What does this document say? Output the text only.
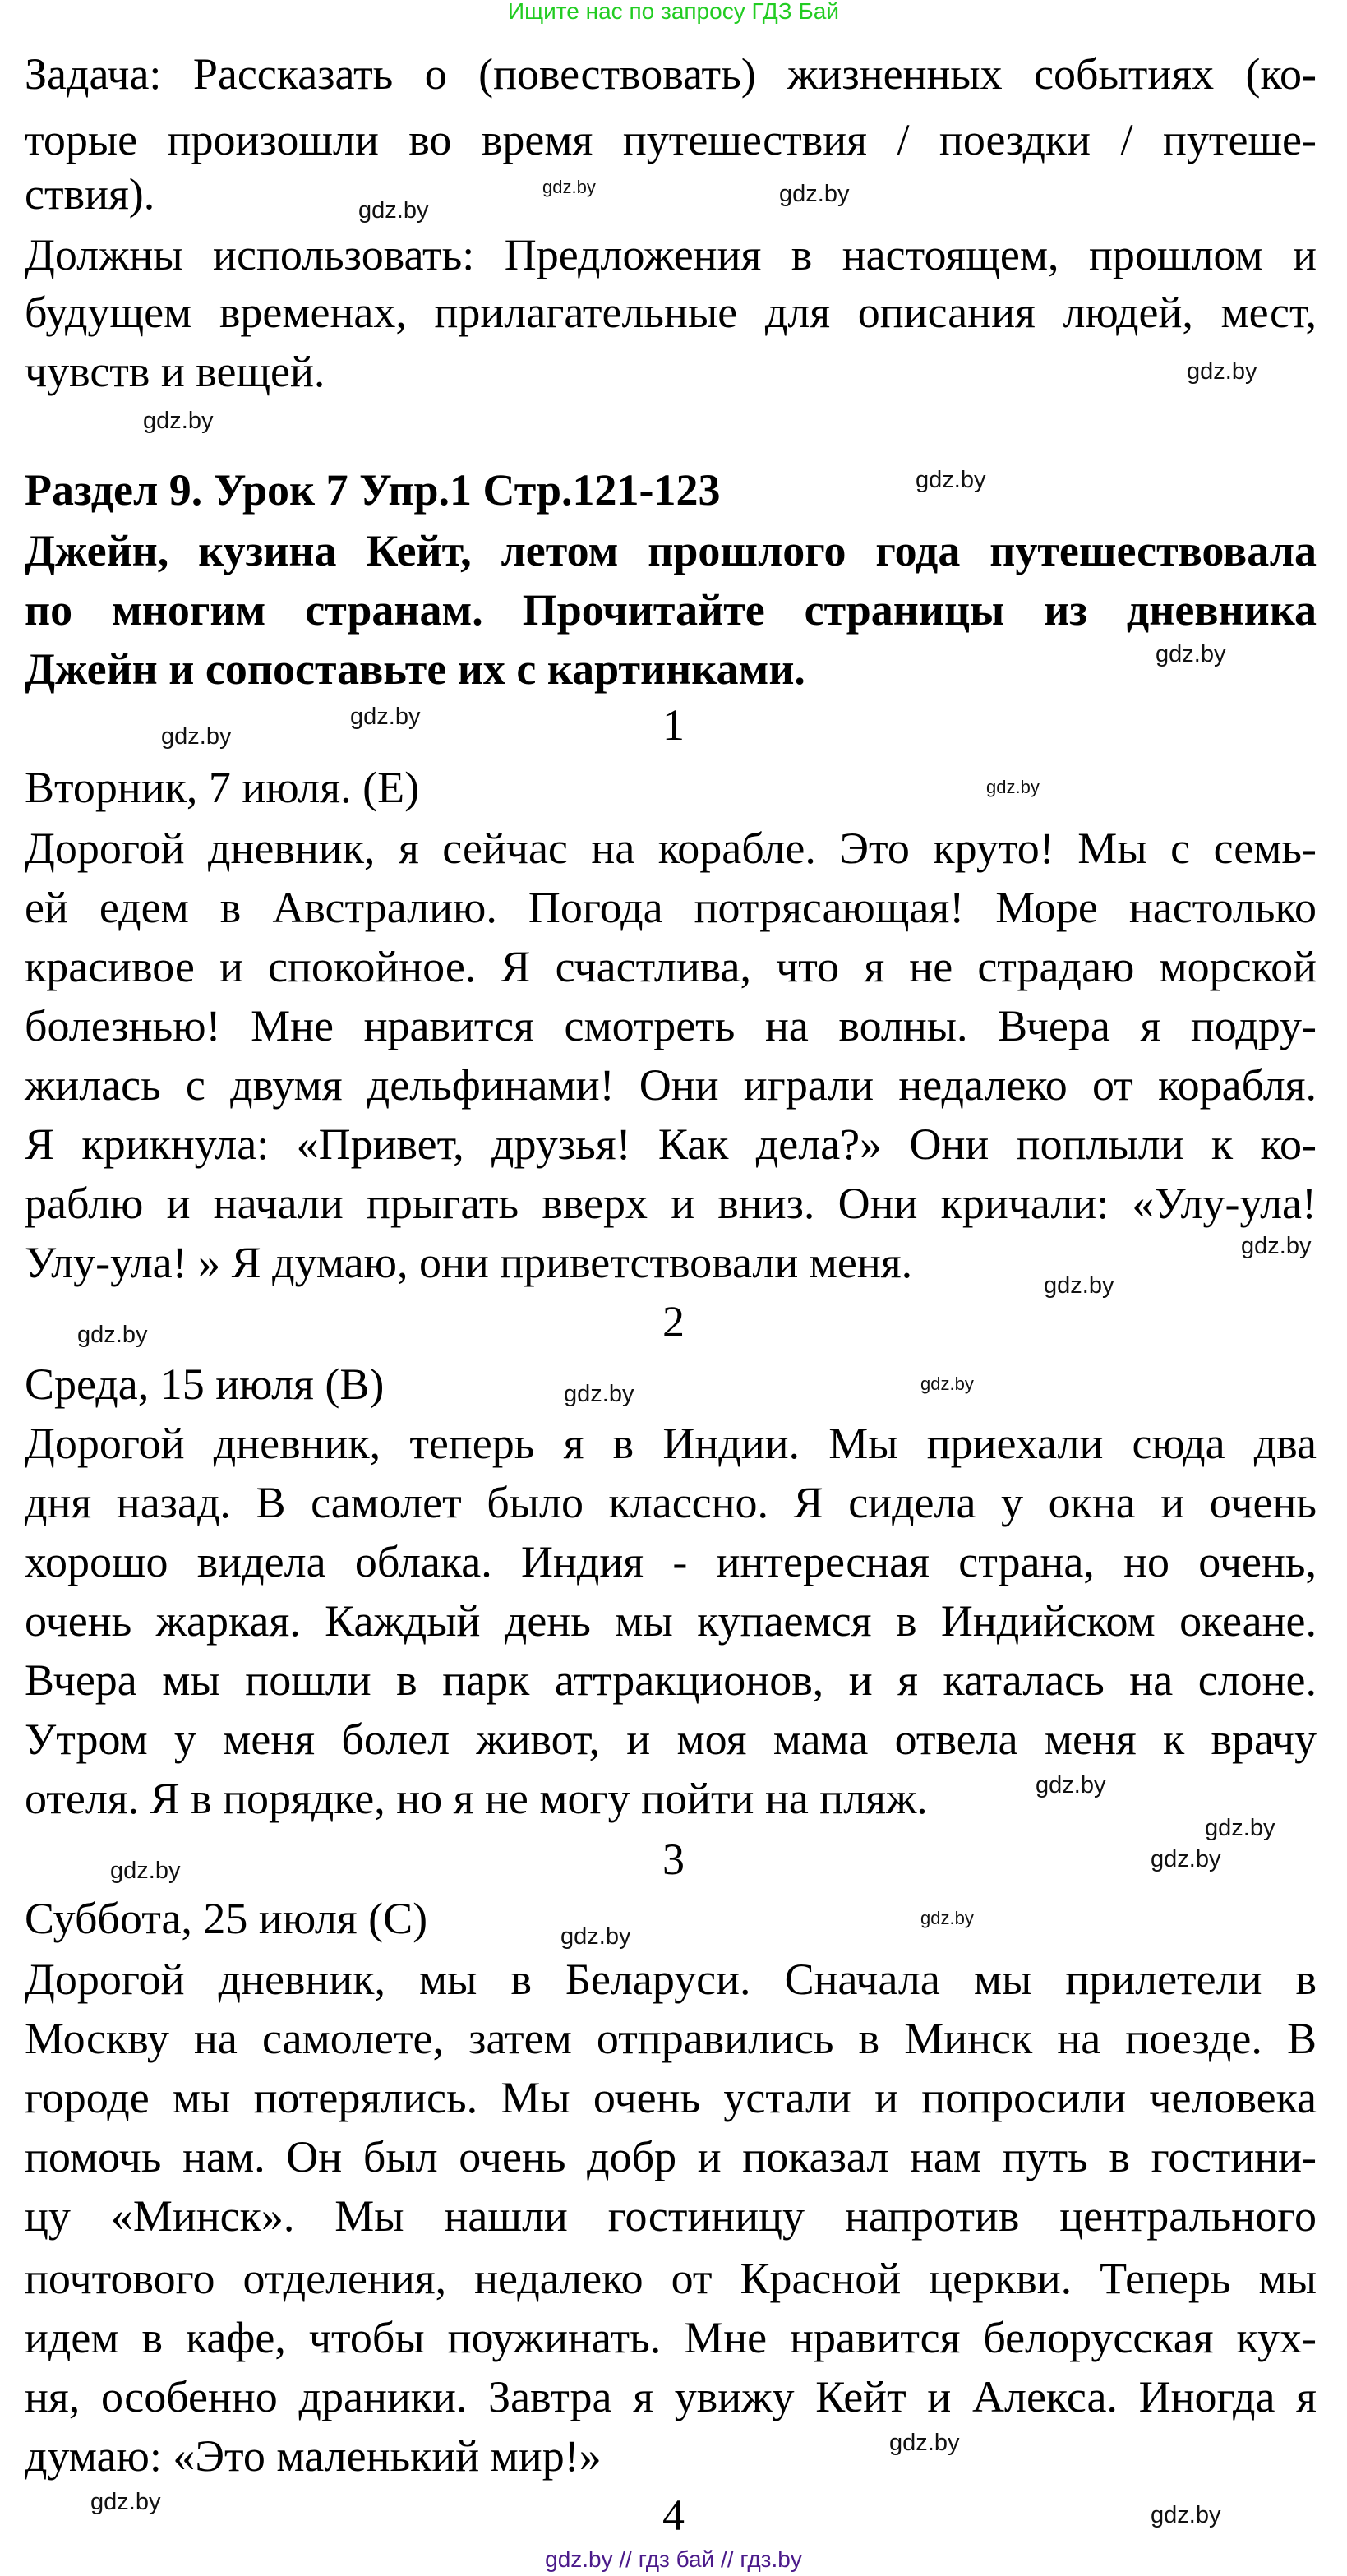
Ищите нас по запросу ГДЗ Бай
Задача: Рассказать о (повествовать) жизненных событиях (ко-
торые произошли во время путешествия / поездки / путеше-
ствия).
Должны использовать: Предложения в настоящем, прошлом и
будущем временах, прилагательные для описания людей, мест,
чувств и вещей.
Раздел 9. Урок 7 Упр.1 Стр.121-123
Джейн, кузина Кейт, летом прошлого года путешествовала
по многим странам. Прочитайте страницы из дневника
Джейн и сопоставьте их с картинками.
1
Вторник, 7 июля. (E)
Дорогой дневник, я сейчас на корабле. Это круто! Мы с семь-
ей едем в Австралию. Погода потрясающая! Море настолько
красивое и спокойное. Я счастлива, что я не страдаю морской
болезнью! Мне нравится смотреть на волны. Вчера я подру-
жилась с двумя дельфинами! Они играли недалеко от корабля.
Я крикнула: «Привет, друзья! Как дела?» Они поплыли к ко-
раблю и начали прыгать вверх и вниз. Они кричали: «Улу-ула!
Улу-ула! » Я думаю, они приветствовали меня.
2
Среда, 15 июля (B)
Дорогой дневник, теперь я в Индии. Мы приехали сюда два
дня назад. В самолет было классно. Я сидела у окна и очень
хорошо видела облака. Индия - интересная страна, но очень,
очень жаркая. Каждый день мы купаемся в Индийском океане.
Вчера мы пошли в парк аттракционов, и я каталась на слоне.
Утром у меня болел живот, и моя мама отвела меня к врачу
отеля. Я в порядке, но я не могу пойти на пляж.
3
Суббота, 25 июля (C)
Дорогой дневник, мы в Беларуси. Сначала мы прилетели в
Москву на самолете, затем отправились в Минск на поезде. В
городе мы потерялись. Мы очень устали и попросили человека
помочь нам. Он был очень добр и показал нам путь в гостини-
цу «Минск». Мы нашли гостиницу напротив центрального
почтового отделения, недалеко от Красной церкви. Теперь мы
идем в кафе, чтобы поужинать. Мне нравится белорусская кух-
ня, особенно драники. Завтра я увижу Кейт и Алекса. Иногда я
думаю: «Это маленький мир!»
4
gdz.by // гдз бай // гдз.by
gdz.by
gdz.by
gdz.by
gdz.by
gdz.by
gdz.by
gdz.by
gdz.by
gdz.by
gdz.by
gdz.by
gdz.by
gdz.by
gdz.by	gdz.by
gdz.by
gdz.by
gdz.by
gdz.by
gdz.by
gdz.by
gdz.by
gdz.by
gdz.by
